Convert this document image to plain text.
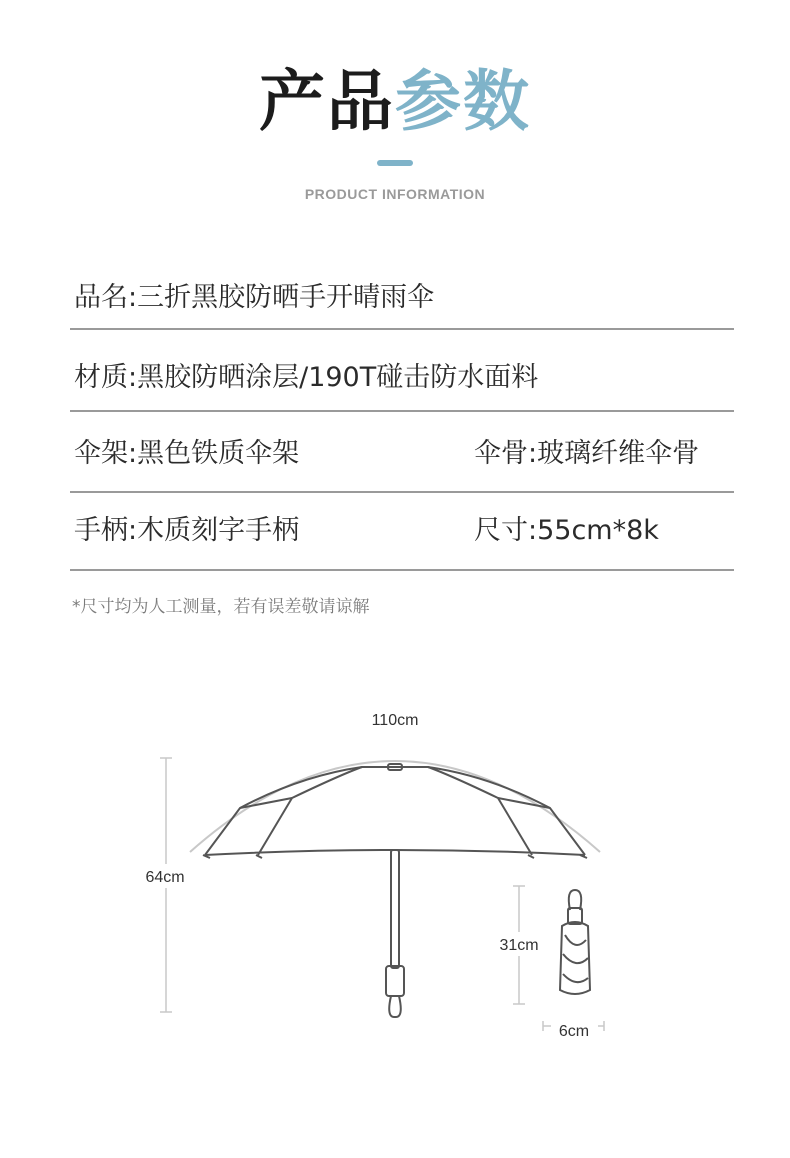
产品参数
PRODUCT INFORMATION
品名:三折黑胶防晒手开晴雨伞
材质:黑胶防晒涂层/190T碰击防水面料
伞架:黑色铁质伞架	伞骨:玻璃纤维伞骨
手柄:木质刻字手柄	尺寸:55cm*8k
*尺寸均为人工测量，若有误差敬请谅解
110cm
64cm
31cm
6cm
